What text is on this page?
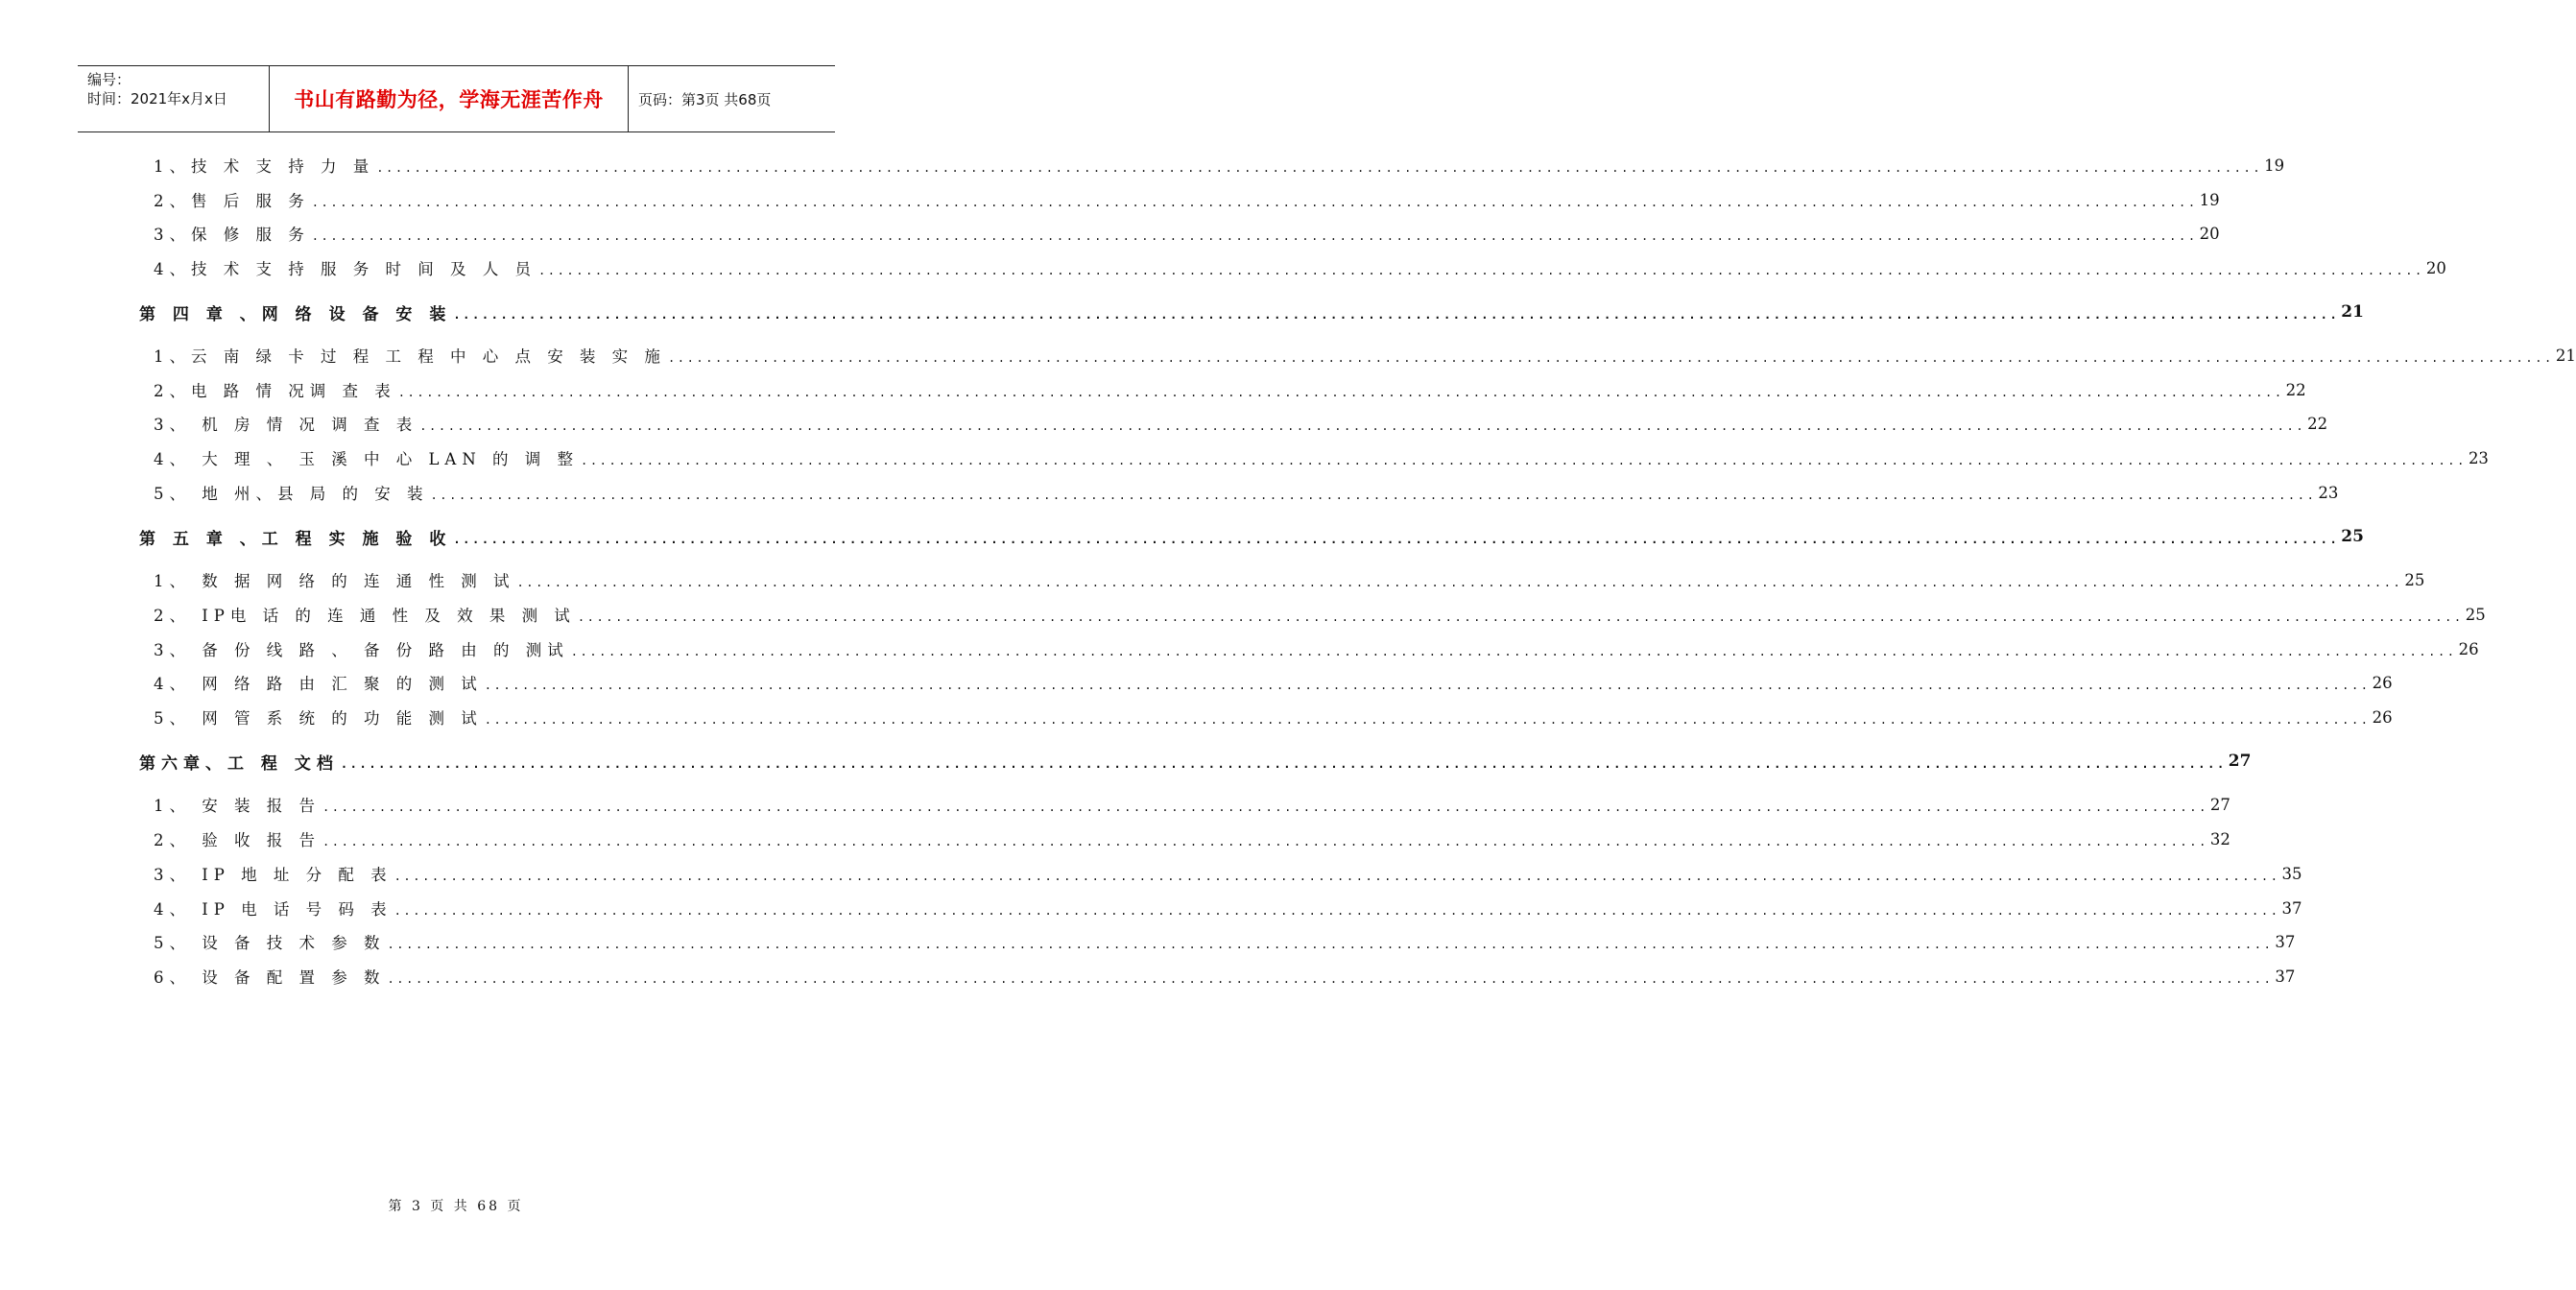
编号：
时间：2021年x月x日	书山有路勤为径，学海无涯苦作舟	页码：第3页 共68页
1、技 术 支 持 力 量 ........................................................................................................................................................................................................ 19
2、售 后 服 务 ........................................................................................................................................................................................................ 19
3、保 修 服 务 ........................................................................................................................................................................................................ 20
4、技 术 支 持 服 务 时 间 及 人 员 ........................................................................................................................................................................................................ 20
第 四 章 、网 络 设 备 安 装 ........................................................................................................................................................................................................ 21
1、云 南 绿 卡 过 程 工 程 中 心 点 安 装 实 施 ........................................................................................................................................................................................................ 21
2、电 路 情 况调 查 表 ........................................................................................................................................................................................................ 22
3、 机 房 情 况 调 查 表 ........................................................................................................................................................................................................ 22
4、 大 理 、 玉 溪 中 心 LAN 的 调 整 ........................................................................................................................................................................................................ 23
5、 地 州、县 局 的 安 装 ........................................................................................................................................................................................................ 23
第 五 章 、工 程 实 施 验 收 ........................................................................................................................................................................................................ 25
1、 数 据 网 络 的 连 通 性 测 试 ........................................................................................................................................................................................................ 25
2、 IP电 话 的 连 通 性 及 效 果 测 试 ........................................................................................................................................................................................................ 25
3、 备 份 线 路 、 备 份 路 由 的 测试 ........................................................................................................................................................................................................ 26
4、 网 络 路 由 汇 聚 的 测 试 ........................................................................................................................................................................................................ 26
5、 网 管 系 统 的 功 能 测 试 ........................................................................................................................................................................................................ 26
第六章、工 程 文档 ........................................................................................................................................................................................................ 27
1、 安 装 报 告 ........................................................................................................................................................................................................ 27
2、 验 收 报 告 ........................................................................................................................................................................................................ 32
3、 IP 地 址 分 配 表 ........................................................................................................................................................................................................ 35
4、 IP 电 话 号 码 表 ........................................................................................................................................................................................................ 37
5、 设 备 技 术 参 数 ........................................................................................................................................................................................................ 37
6、 设 备 配 置 参 数 ........................................................................................................................................................................................................ 37
第 3 页 共 68 页
